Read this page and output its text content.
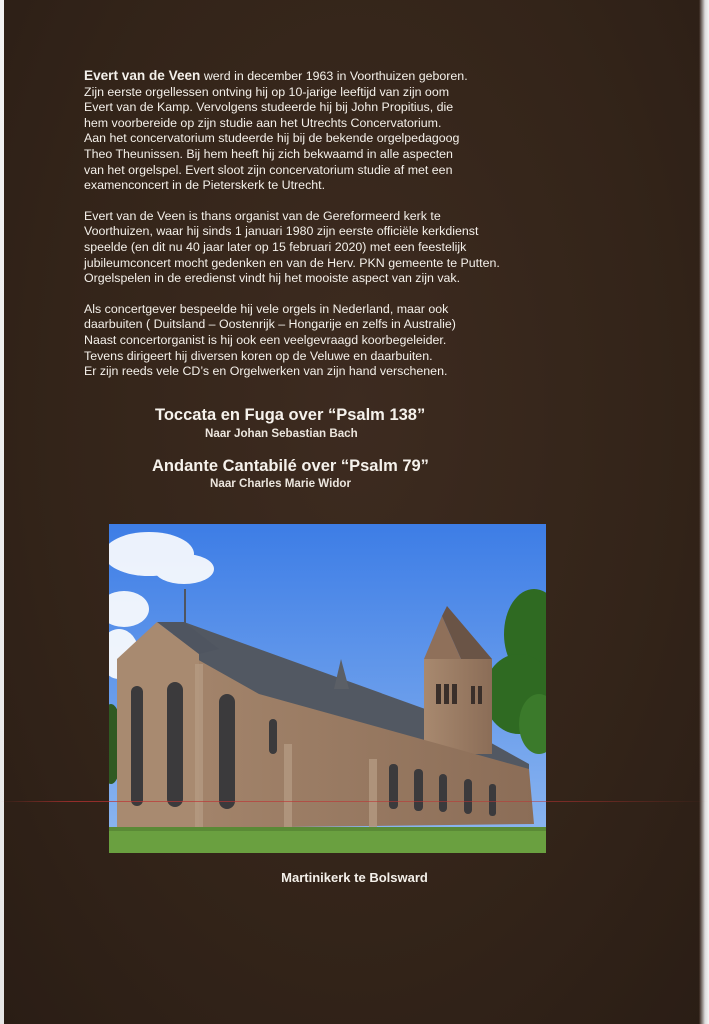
Evert van de Veen werd in december 1963 in Voorthuizen geboren.
Zijn eerste orgellessen ontving hij op 10-jarige leeftijd van zijn oom
Evert van de Kamp. Vervolgens studeerde hij bij John Propitius, die
hem voorbereide op zijn studie aan het Utrechts Concervatorium.
Aan het concervatorium studeerde hij bij de bekende orgelpedagoog
Theo Theunissen. Bij hem heeft hij zich bekwaamd in alle aspecten
van het orgelspel. Evert sloot zijn concervatorium studie af met een
examenconcert in de Pieterskerk te Utrecht.

Evert van de Veen is thans organist van de Gereformeerd kerk te
Voorthuizen, waar hij sinds 1 januari 1980 zijn eerste officiële kerkdienst
speelde (en dit nu 40 jaar later op 15 februari 2020) met een feestelijk
jubileumconcert mocht gedenken en van de Herv. PKN gemeente te Putten.
Orgelspelen in de eredienst vindt hij het mooiste aspect van zijn vak.

Als concertgever bespeelde hij vele orgels in Nederland, maar ook
daarbuiten ( Duitsland – Oostenrijk – Hongarije en zelfs in Australie)
Naast concertorganist is hij ook een veelgevraagd koorbegeleider.
Tevens dirigeert hij diversen koren op de Veluwe en daarbuiten.
Er zijn reeds vele CD’s en Orgelwerken van zijn hand verschenen.

Toccata en Fuga over “Psalm 138”
Naar Johan Sebastian Bach
Andante Cantabilé over “Psalm 79”
Naar Charles Marie Widor
Martinikerk te Bolsward
